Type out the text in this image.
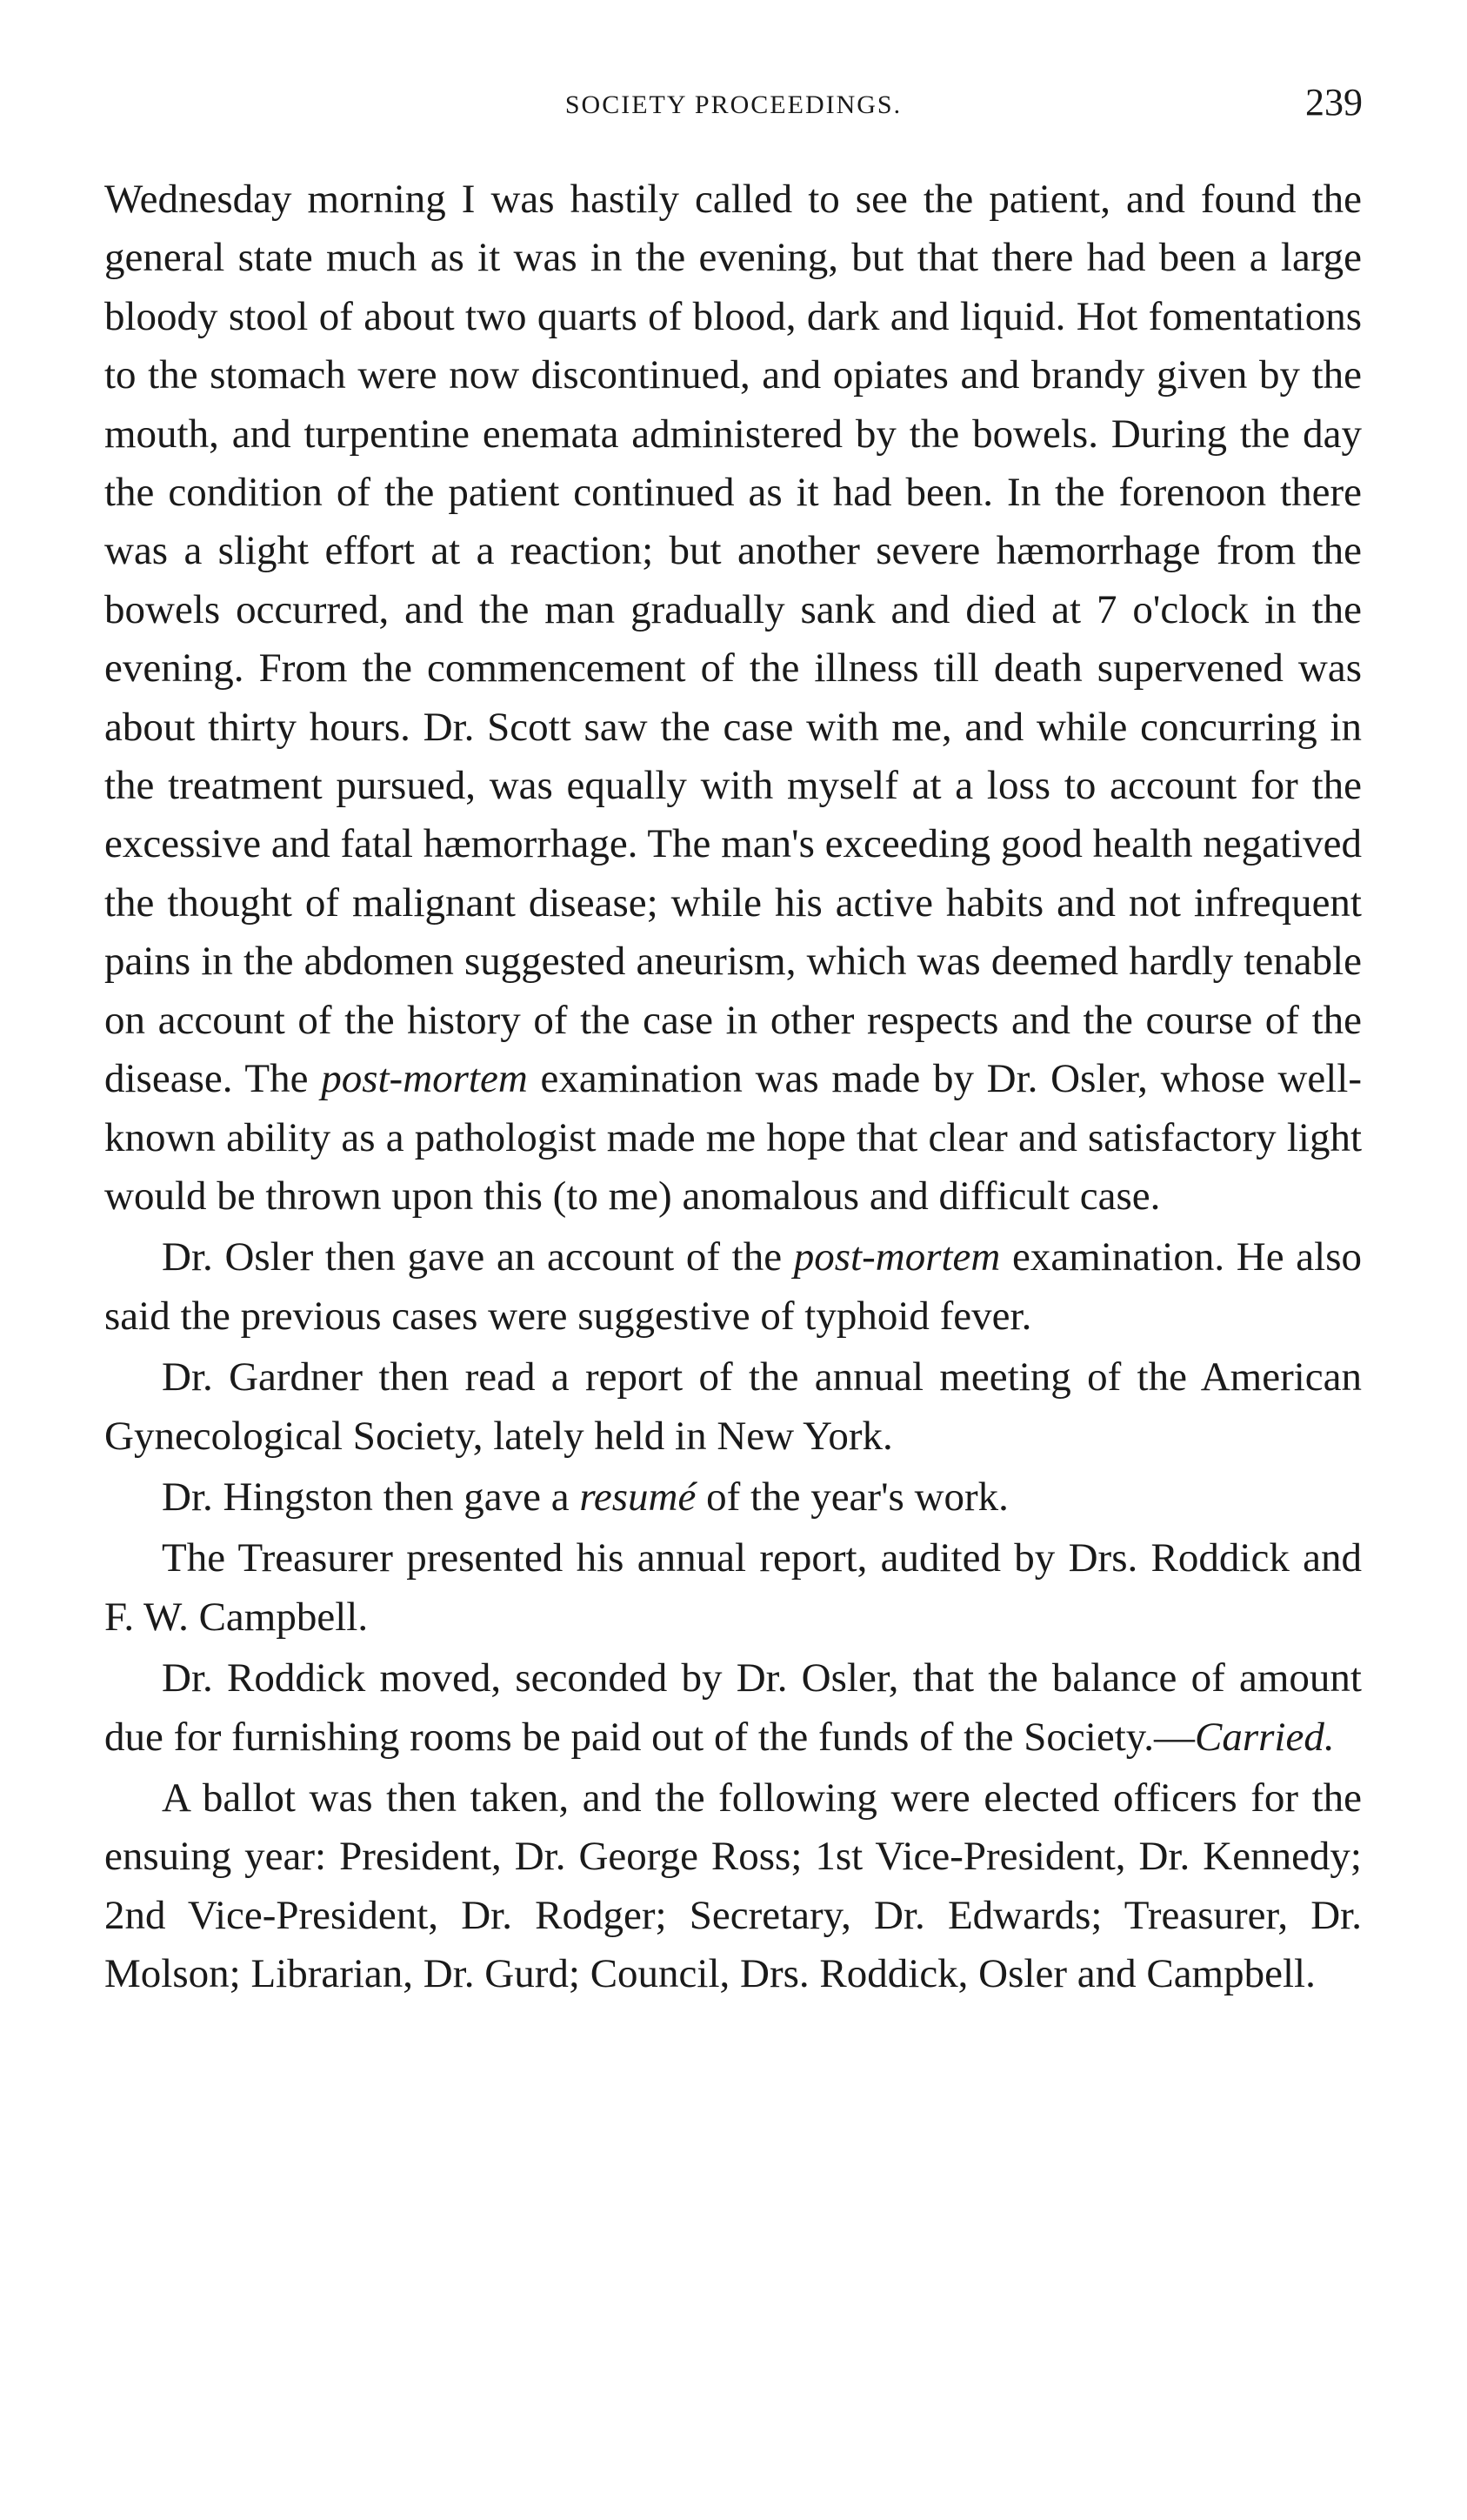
SOCIETY PROCEEDINGS.	239

Wednesday morning I was hastily called to see the patient, and found the general state much as it was in the evening, but that there had been a large bloody stool of about two quarts of blood, dark and liquid. Hot fomentations to the stomach were now discontinued, and opiates and brandy given by the mouth, and turpentine enemata administered by the bowels. During the day the condition of the patient continued as it had been. In the forenoon there was a slight effort at a reaction; but another severe hæmorrhage from the bowels occurred, and the man gradually sank and died at 7 o'clock in the evening. From the commencement of the illness till death supervened was about thirty hours. Dr. Scott saw the case with me, and while concurring in the treatment pursued, was equally with myself at a loss to account for the excessive and fatal hæmorrhage. The man's exceeding good health negatived the thought of malignant disease; while his active habits and not infrequent pains in the abdomen suggested aneurism, which was deemed hardly tenable on account of the history of the case in other respects and the course of the disease. The post-mortem examination was made by Dr. Osler, whose well-known ability as a pathologist made me hope that clear and satisfactory light would be thrown upon this (to me) anomalous and difficult case.

Dr. Osler then gave an account of the post-mortem examination. He also said the previous cases were suggestive of typhoid fever.

Dr. Gardner then read a report of the annual meeting of the American Gynecological Society, lately held in New York.

Dr. Hingston then gave a resumé of the year's work.

The Treasurer presented his annual report, audited by Drs. Roddick and F. W. Campbell.

Dr. Roddick moved, seconded by Dr. Osler, that the balance of amount due for furnishing rooms be paid out of the funds of the Society.—Carried.

A ballot was then taken, and the following were elected officers for the ensuing year: President, Dr. George Ross; 1st Vice-President, Dr. Kennedy; 2nd Vice-President, Dr. Rodger; Secretary, Dr. Edwards; Treasurer, Dr. Molson; Librarian, Dr. Gurd; Council, Drs. Roddick, Osler and Campbell.
